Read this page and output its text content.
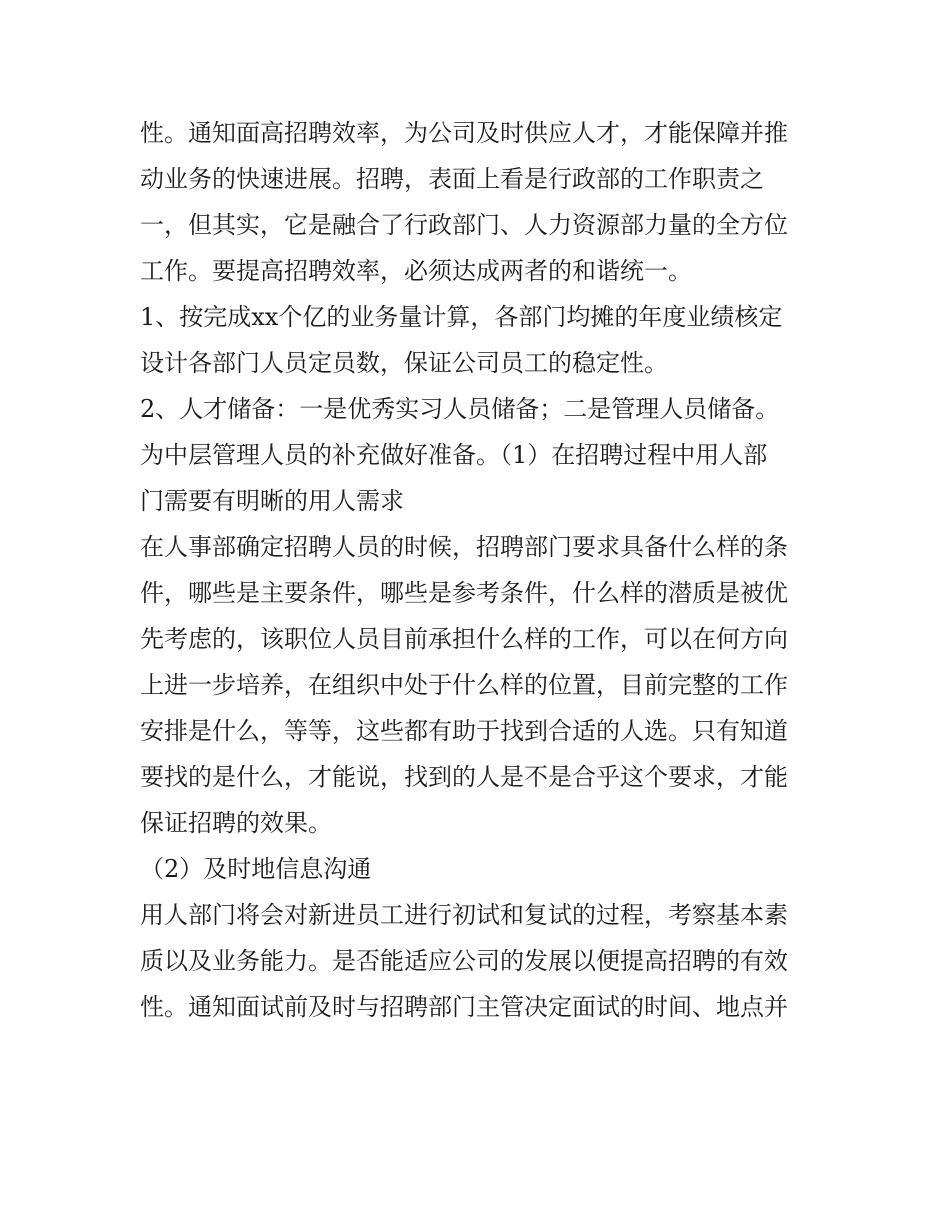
性。通知面高招聘效率，为公司及时供应人才，才能保障并推

动业务的快速进展。招聘，表面上看是行政部的工作职责之

一，但其实，它是融合了行政部门、人力资源部力量的全方位

工作。要提高招聘效率，必须达成两者的和谐统一。

1、按完成xx个亿的业务量计算，各部门均摊的年度业绩核定

设计各部门人员定员数，保证公司员工的稳定性。

2、人才储备：一是优秀实习人员储备；二是管理人员储备。

为中层管理人员的补充做好准备。（1）在招聘过程中用人部

门需要有明晰的用人需求

在人事部确定招聘人员的时候，招聘部门要求具备什么样的条

件，哪些是主要条件，哪些是参考条件，什么样的潜质是被优

先考虑的，该职位人员目前承担什么样的工作，可以在何方向

上进一步培养，在组织中处于什么样的位置，目前完整的工作

安排是什么，等等，这些都有助于找到合适的人选。只有知道

要找的是什么，才能说，找到的人是不是合乎这个要求，才能

保证招聘的效果。

（2）及时地信息沟通

用人部门将会对新进员工进行初试和复试的过程，考察基本素

质以及业务能力。是否能适应公司的发展以便提高招聘的有效

性。通知面试前及时与招聘部门主管决定面试的时间、地点并
